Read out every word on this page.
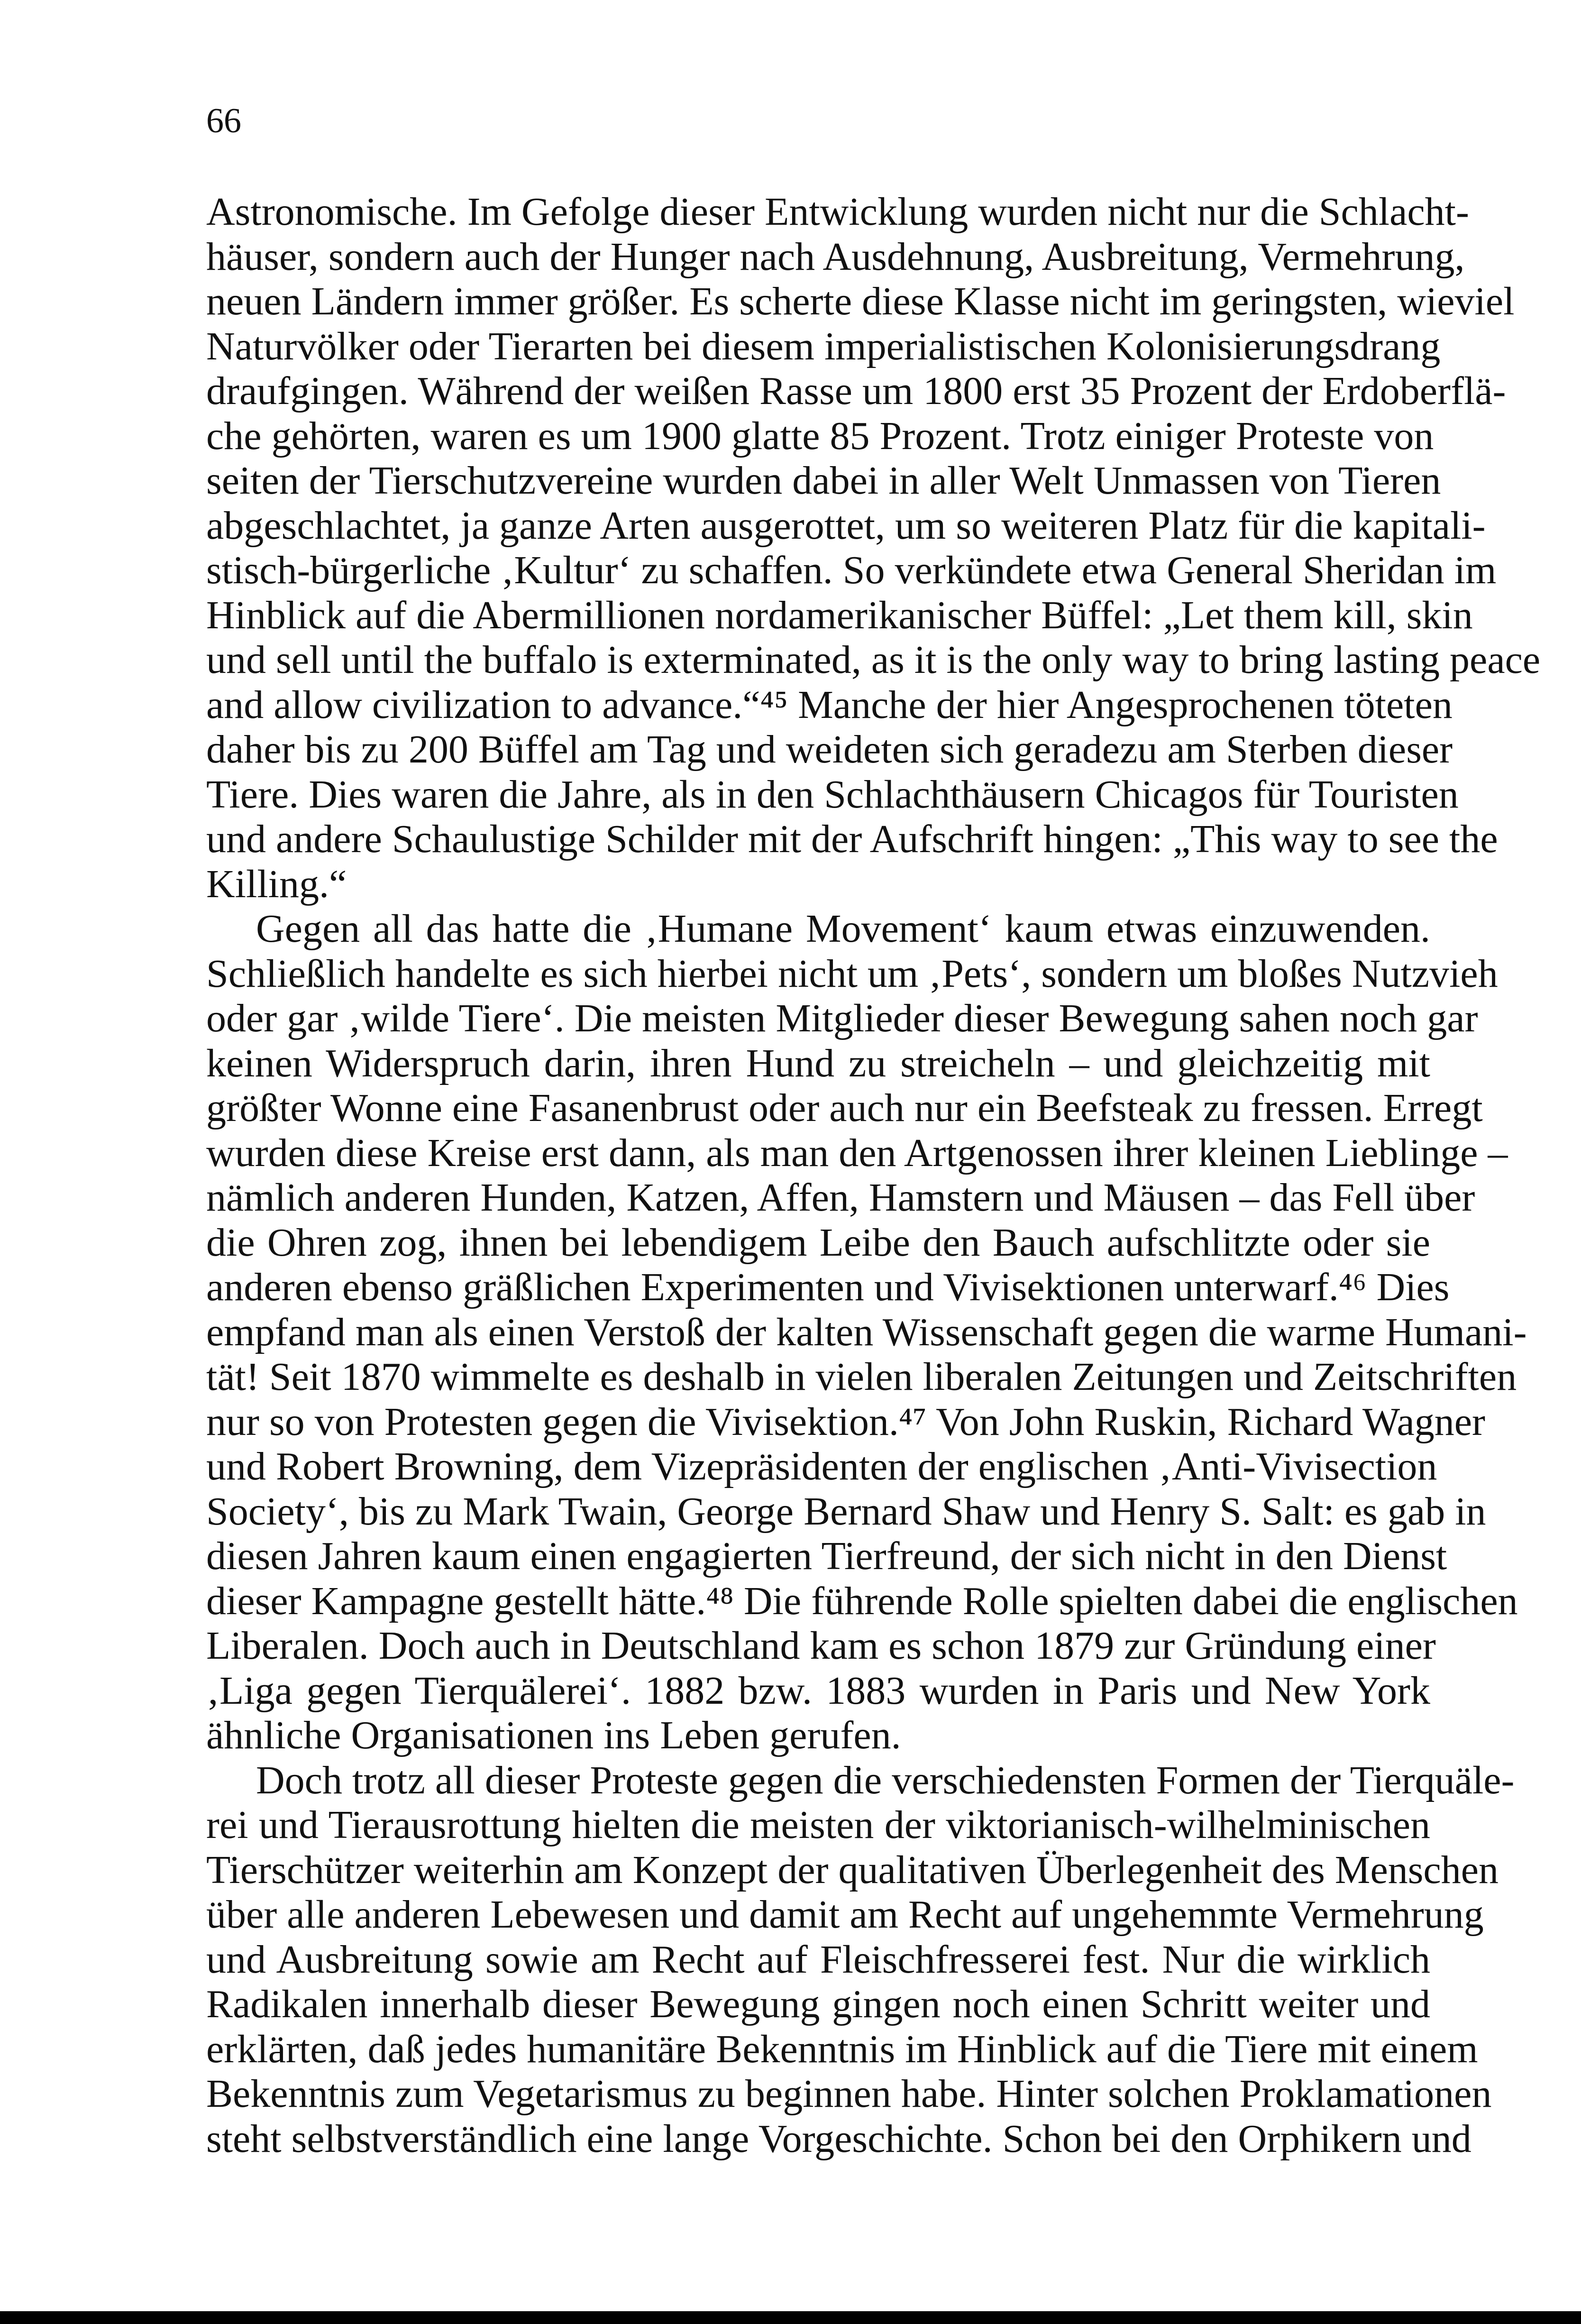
66
Astronomische. Im Gefolge dieser Entwicklung wurden nicht nur die Schlacht-
häuser, sondern auch der Hunger nach Ausdehnung, Ausbreitung, Vermehrung,
neuen Ländern immer größer. Es scherte diese Klasse nicht im geringsten, wieviel
Naturvölker oder Tierarten bei diesem imperialistischen Kolonisierungsdrang
draufgingen. Während der weißen Rasse um 1800 erst 35 Prozent der Erdoberflä-
che gehörten, waren es um 1900 glatte 85 Prozent. Trotz einiger Proteste von
seiten der Tierschutzvereine wurden dabei in aller Welt Unmassen von Tieren
abgeschlachtet, ja ganze Arten ausgerottet, um so weiteren Platz für die kapitali-
stisch-bürgerliche ‚Kultur‘ zu schaffen. So verkündete etwa General Sheridan im
Hinblick auf die Abermillionen nordamerikanischer Büffel: „Let them kill, skin
und sell until the buffalo is exterminated, as it is the only way to bring lasting peace
and allow civilization to advance.“⁴⁵ Manche der hier Angesprochenen töteten
daher bis zu 200 Büffel am Tag und weideten sich geradezu am Sterben dieser
Tiere. Dies waren die Jahre, als in den Schlachthäusern Chicagos für Touristen
und andere Schaulustige Schilder mit der Aufschrift hingen: „This way to see the
Killing.“
Gegen all das hatte die ‚Humane Movement‘ kaum etwas einzuwenden.
Schließlich handelte es sich hierbei nicht um ‚Pets‘, sondern um bloßes Nutzvieh
oder gar ‚wilde Tiere‘. Die meisten Mitglieder dieser Bewegung sahen noch gar
keinen Widerspruch darin, ihren Hund zu streicheln – und gleichzeitig mit
größter Wonne eine Fasanenbrust oder auch nur ein Beefsteak zu fressen. Erregt
wurden diese Kreise erst dann, als man den Artgenossen ihrer kleinen Lieblinge –
nämlich anderen Hunden, Katzen, Affen, Hamstern und Mäusen – das Fell über
die Ohren zog, ihnen bei lebendigem Leibe den Bauch aufschlitzte oder sie
anderen ebenso gräßlichen Experimenten und Vivisektionen unterwarf.⁴⁶ Dies
empfand man als einen Verstoß der kalten Wissenschaft gegen die warme Humani-
tät! Seit 1870 wimmelte es deshalb in vielen liberalen Zeitungen und Zeitschriften
nur so von Protesten gegen die Vivisektion.⁴⁷ Von John Ruskin, Richard Wagner
und Robert Browning, dem Vizepräsidenten der englischen ‚Anti-Vivisection
Society‘, bis zu Mark Twain, George Bernard Shaw und Henry S. Salt: es gab in
diesen Jahren kaum einen engagierten Tierfreund, der sich nicht in den Dienst
dieser Kampagne gestellt hätte.⁴⁸ Die führende Rolle spielten dabei die englischen
Liberalen. Doch auch in Deutschland kam es schon 1879 zur Gründung einer
‚Liga gegen Tierquälerei‘. 1882 bzw. 1883 wurden in Paris und New York
ähnliche Organisationen ins Leben gerufen.
Doch trotz all dieser Proteste gegen die verschiedensten Formen der Tierquäle-
rei und Tierausrottung hielten die meisten der viktorianisch-wilhelminischen
Tierschützer weiterhin am Konzept der qualitativen Überlegenheit des Menschen
über alle anderen Lebewesen und damit am Recht auf ungehemmte Vermehrung
und Ausbreitung sowie am Recht auf Fleischfresserei fest. Nur die wirklich
Radikalen innerhalb dieser Bewegung gingen noch einen Schritt weiter und
erklärten, daß jedes humanitäre Bekenntnis im Hinblick auf die Tiere mit einem
Bekenntnis zum Vegetarismus zu beginnen habe. Hinter solchen Proklamationen
steht selbstverständlich eine lange Vorgeschichte. Schon bei den Orphikern und
